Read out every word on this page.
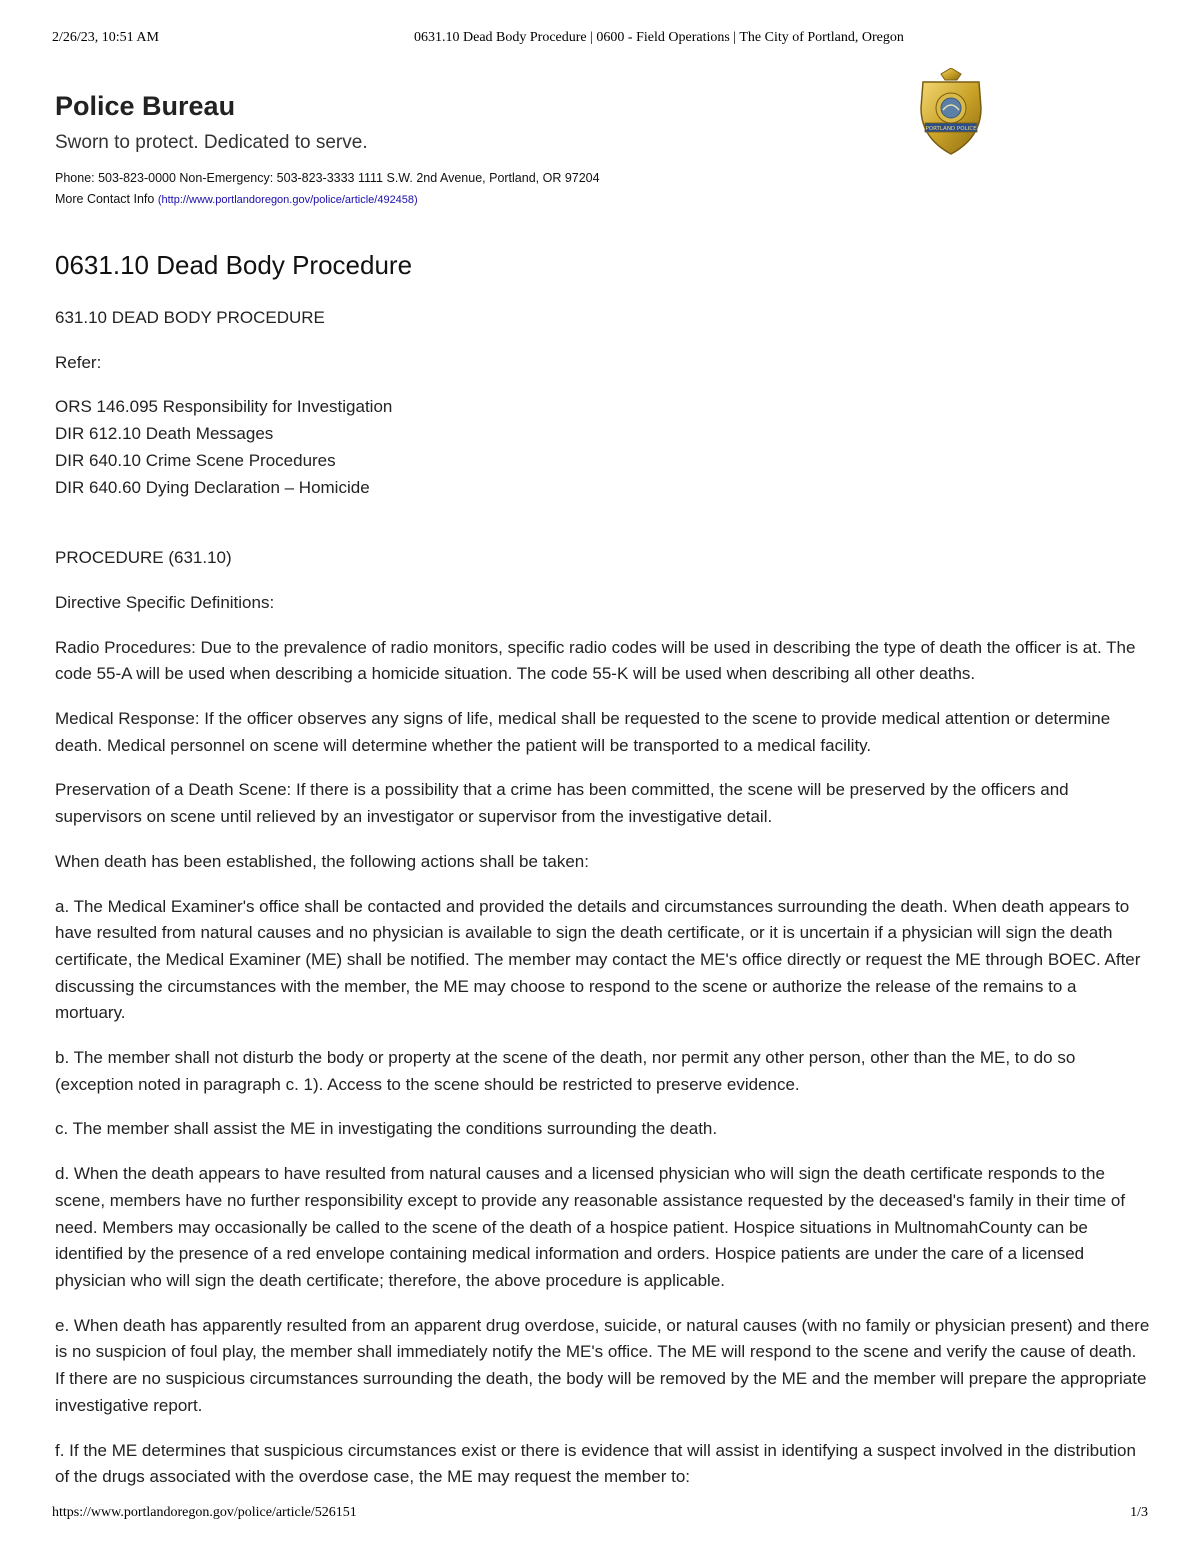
2/26/23, 10:51 AM	0631.10 Dead Body Procedure | 0600 - Field Operations | The City of Portland, Oregon
Police Bureau
Sworn to protect. Dedicated to serve.
Phone: 503-823-0000 Non-Emergency: 503-823-3333 1111 S.W. 2nd Avenue, Portland, OR 97204
More Contact Info (http://www.portlandoregon.gov/police/article/492458)
PORTLAND POLICE
0631.10 Dead Body Procedure

631.10 DEAD BODY PROCEDURE

Refer:

ORS 146.095 Responsibility for Investigation

DIR 612.10 Death Messages

DIR 640.10 Crime Scene Procedures

DIR 640.60 Dying Declaration – Homicide

PROCEDURE (631.10)

Directive Specific Definitions:

Radio Procedures: Due to the prevalence of radio monitors, specific radio codes will be used in describing the type of death the officer is at. The code 55-A will be used when describing a homicide situation. The code 55-K will be used when describing all other deaths.

Medical Response: If the officer observes any signs of life, medical shall be requested to the scene to provide medical attention or determine death. Medical personnel on scene will determine whether the patient will be transported to a medical facility.

Preservation of a Death Scene: If there is a possibility that a crime has been committed, the scene will be preserved by the officers and supervisors on scene until relieved by an investigator or supervisor from the investigative detail.

When death has been established, the following actions shall be taken:

a. The Medical Examiner's office shall be contacted and provided the details and circumstances surrounding the death. When death appears to have resulted from natural causes and no physician is available to sign the death certificate, or it is uncertain if a physician will sign the death certificate, the Medical Examiner (ME) shall be notified. The member may contact the ME's office directly or request the ME through BOEC. After discussing the circumstances with the member, the ME may choose to respond to the scene or authorize the release of the remains to a mortuary.

b. The member shall not disturb the body or property at the scene of the death, nor permit any other person, other than the ME, to do so (exception noted in paragraph c. 1). Access to the scene should be restricted to preserve evidence.

c. The member shall assist the ME in investigating the conditions surrounding the death.

d. When the death appears to have resulted from natural causes and a licensed physician who will sign the death certificate responds to the scene, members have no further responsibility except to provide any reasonable assistance requested by the deceased's family in their time of need. Members may occasionally be called to the scene of the death of a hospice patient. Hospice situations in MultnomahCounty can be identified by the presence of a red envelope containing medical information and orders. Hospice patients are under the care of a licensed physician who will sign the death certificate; therefore, the above procedure is applicable.

e. When death has apparently resulted from an apparent drug overdose, suicide, or natural causes (with no family or physician present) and there is no suspicion of foul play, the member shall immediately notify the ME's office. The ME will respond to the scene and verify the cause of death. If there are no suspicious circumstances surrounding the death, the body will be removed by the ME and the member will prepare the appropriate investigative report.

f. If the ME determines that suspicious circumstances exist or there is evidence that will assist in identifying a suspect involved in the distribution of the drugs associated with the overdose case, the ME may request the member to:

https://www.portlandoregon.gov/police/article/526151	1/3
